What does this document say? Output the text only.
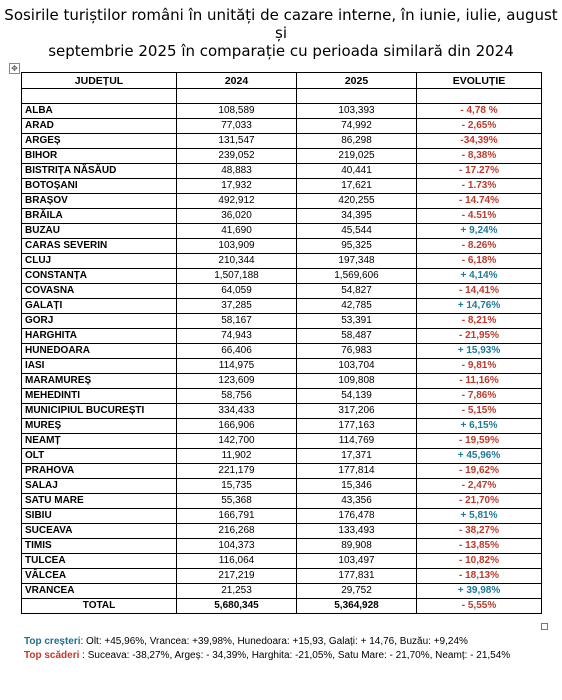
Sosirile turiștilor români în unități de cazare interne, în iunie, iulie, august și
septembrie 2025 în comparație cu perioada similară din 2024
✥
JUDEȚUL	2024	2025	EVOLUȚIE

ALBA	108,589	103,393	- 4,78 %
ARAD	77,033	74,992	- 2,65%
ARGEȘ	131,547	86,298	-34,39%
BIHOR	239,052	219,025	- 8,38%
BISTRIȚA NĂSĂUD	48,883	40,441	- 17.27%
BOTOȘANI	17,932	17,621	- 1.73%
BRAȘOV	492,912	420,255	- 14.74%
BRĂILA	36,020	34,395	- 4.51%
BUZAU	41,690	45,544	+ 9,24%
CARAS SEVERIN	103,909	95,325	- 8.26%
CLUJ	210,344	197,348	- 6,18%
CONSTANȚA	1,507,188	1,569,606	+ 4,14%
COVASNA	64,059	54,827	- 14,41%
GALAȚI	37,285	42,785	+ 14,76%
GORJ	58,167	53,391	- 8,21%
HARGHITA	74,943	58,487	- 21,95%
HUNEDOARA	66,406	76,983	+ 15,93%
IASI	114,975	103,704	- 9,81%
MARAMUREȘ	123,609	109,808	- 11,16%
MEHEDINTI	58,756	54,139	- 7,86%
MUNICIPIUL BUCUREȘTI	334,433	317,206	- 5,15%
MUREȘ	166,906	177,163	+ 6,15%
NEAMȚ	142,700	114,769	- 19,59%
OLT	11,902	17,371	+ 45,96%
PRAHOVA	221,179	177,814	- 19,62%
SALAJ	15,735	15,346	- 2,47%
SATU MARE	55,368	43,356	- 21,70%
SIBIU	166,791	176,478	+ 5,81%
SUCEAVA	216,268	133,493	- 38,27%
TIMIS	104,373	89,908	- 13,85%
TULCEA	116,064	103,497	- 10,82%
VÂLCEA	217,219	177,831	- 18,13%
VRANCEA	21,253	29,752	+ 39,98%
TOTAL	5,680,345	5,364,928	- 5,55%
Top creșteri: Olt: +45,96%, Vrancea: +39,98%, Hunedoara: +15,93, Galați: + 14,76, Buzău: +9,24%
Top scăderi : Suceava: -38,27%, Argeș: - 34,39%, Harghita: -21,05%, Satu Mare: - 21,70%, Neamț: - 21,54%
